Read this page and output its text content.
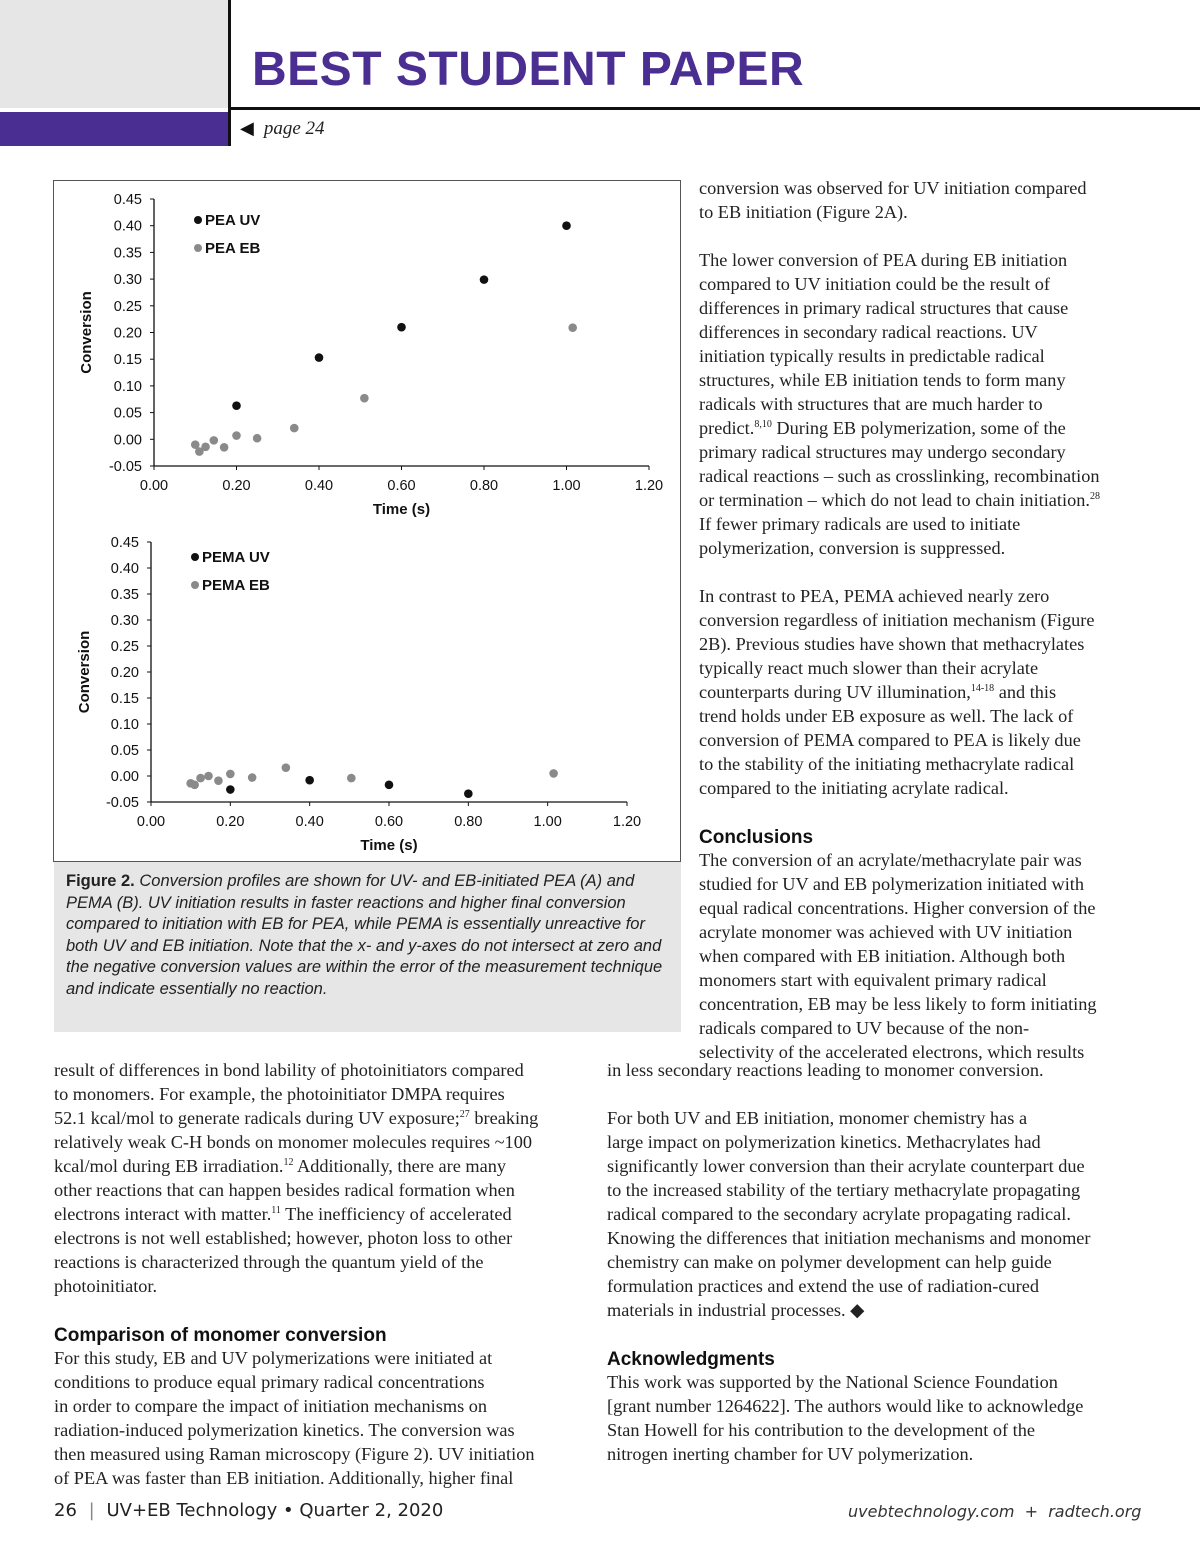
BEST STUDENT PAPER
◀ page 24
0.45
0.40
0.35
0.30
0.25
0.20
0.15
0.10
0.05
0.00
-0.05
0.00	0.20	0.40	0.60	0.80	1.00	1.20
Time (s)
Conversion
PEA UV
PEA EB
0.45
0.40
0.35
0.30
0.25
0.20
0.15
0.10
0.05
0.00
-0.05
0.00	0.20	0.40	0.60	0.80	1.00	1.20
Time (s)
Conversion
PEMA UV
PEMA EB
Figure 2. Conversion profiles are shown for UV- and EB-initiated PEA (A) and PEMA (B). UV initiation results in faster reactions and higher final conversion compared to initiation with EB for PEA, while PEMA is essentially unreactive for both UV and EB initiation. Note that the x- and y-axes do not intersect at zero and the negative conversion values are within the error of the measurement technique and indicate essentially no reaction.
conversion was observed for UV initiation compared
to EB initiation (Figure 2A).
The lower conversion of PEA during EB initiation
compared to UV initiation could be the result of
differences in primary radical structures that cause
differences in secondary radical reactions. UV
initiation typically results in predictable radical
structures, while EB initiation tends to form many
radicals with structures that are much harder to
predict.$^{8,10}$ During EB polymerization, some of the
primary radical structures may undergo secondary
radical reactions – such as crosslinking, recombination
or termination – which do not lead to chain initiation.$^{28}$
If fewer primary radicals are used to initiate
polymerization, conversion is suppressed.
In contrast to PEA, PEMA achieved nearly zero
conversion regardless of initiation mechanism (Figure
2B). Previous studies have shown that methacrylates
typically react much slower than their acrylate
counterparts during UV illumination,$^{14-18}$ and this
trend holds under EB exposure as well. The lack of
conversion of PEMA compared to PEA is likely due
to the stability of the initiating methacrylate radical
compared to the initiating acrylate radical.
Conclusions
The conversion of an acrylate/methacrylate pair was
studied for UV and EB polymerization initiated with
equal radical concentrations. Higher conversion of the
acrylate monomer was achieved with UV initiation
when compared with EB initiation. Although both
monomers start with equivalent primary radical
concentration, EB may be less likely to form initiating
radicals compared to UV because of the non-
selectivity of the accelerated electrons, which results
in less secondary reactions leading to monomer conversion.
For both UV and EB initiation, monomer chemistry has a
large impact on polymerization kinetics. Methacrylates had
significantly lower conversion than their acrylate counterpart due
to the increased stability of the tertiary methacrylate propagating
radical compared to the secondary acrylate propagating radical.
Knowing the differences that initiation mechanisms and monomer
chemistry can make on polymer development can help guide
formulation practices and extend the use of radiation-cured
materials in industrial processes. ◆
Acknowledgments
This work was supported by the National Science Foundation
[grant number 1264622]. The authors would like to acknowledge
Stan Howell for his contribution to the development of the
nitrogen inerting chamber for UV polymerization.
result of differences in bond lability of photoinitiators compared
to monomers. For example, the photoinitiator DMPA requires
52.1 kcal/mol to generate radicals during UV exposure;$^{27}$ breaking
relatively weak C-H bonds on monomer molecules requires ~100
kcal/mol during EB irradiation.$^{12}$ Additionally, there are many
other reactions that can happen besides radical formation when
electrons interact with matter.$^{11}$ The inefficiency of accelerated
electrons is not well established; however, photon loss to other
reactions is characterized through the quantum yield of the
photoinitiator.
Comparison of monomer conversion
For this study, EB and UV polymerizations were initiated at
conditions to produce equal primary radical concentrations
in order to compare the impact of initiation mechanisms on
radiation-induced polymerization kinetics. The conversion was
then measured using Raman microscopy (Figure 2). UV initiation
of PEA was faster than EB initiation. Additionally, higher final
26 | UV+EB Technology • Quarter 2, 2020	uvebtechnology.com  +  radtech.org
